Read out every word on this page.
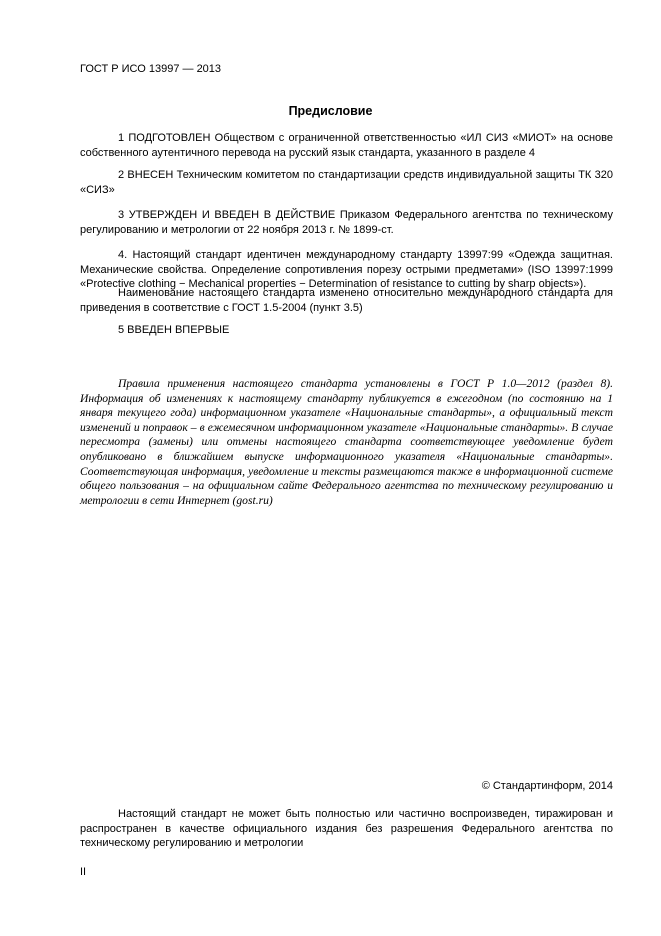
ГОСТ Р ИСО 13997 — 2013
Предисловие
1 ПОДГОТОВЛЕН Обществом с ограниченной ответственностью «ИЛ СИЗ «МИОТ» на основе собственного аутентичного перевода на русский язык стандарта, указанного в разделе 4
2 ВНЕСЕН Техническим комитетом по стандартизации средств индивидуальной защиты ТК 320 «СИЗ»
3 УТВЕРЖДЕН И ВВЕДЕН В ДЕЙСТВИЕ Приказом Федерального агентства по техническому регулированию и метрологии от 22 ноября 2013 г. № 1899-ст.
4. Настоящий стандарт идентичен международному стандарту 13997:99 «Одежда защитная. Механические свойства. Определение сопротивления порезу острыми предметами» (ISO 13997:1999 «Protective clothing − Mechanical properties − Determination of resistance to cutting by sharp objects»).
Наименование настоящего стандарта изменено относительно международного стандарта для приведения в соответствие с ГОСТ 1.5-2004 (пункт 3.5)
5 ВВЕДЕН ВПЕРВЫЕ
Правила применения настоящего стандарта установлены в ГОСТ Р 1.0—2012 (раздел 8). Информация об изменениях к настоящему стандарту публикуется в ежегодном (по состоянию на 1 января текущего года) информационном указателе «Национальные стандарты», а официальный текст изменений и поправок – в ежемесячном информационном указателе «Национальные стандарты». В случае пересмотра (замены) или отмены настоящего стандарта соответствующее уведомление будет опубликовано в ближайшем выпуске информационного указателя «Национальные стандарты». Соответствующая информация, уведомление и тексты размещаются также в информационной системе общего пользования – на официальном сайте Федерального агентства по техническому регулированию и метрологии в сети Интернет (gost.ru)
© Стандартинформ, 2014
Настоящий стандарт не может быть полностью или частично воспроизведен, тиражирован и распространен в качестве официального издания без разрешения Федерального агентства по техническому регулированию и метрологии
II
